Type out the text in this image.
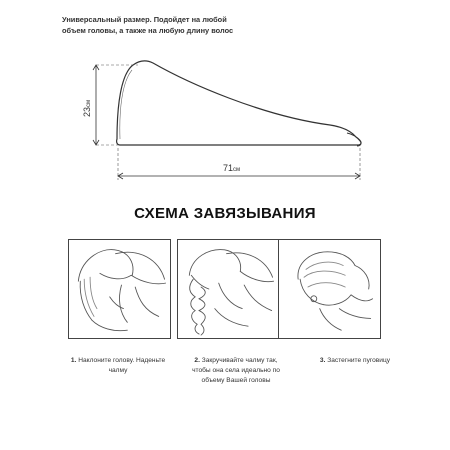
Универсальный размер. Подойдет на любой
объем головы, а также на любую длину волос
23см
71см
СХЕМА ЗАВЯЗЫВАНИЯ
1. Наклоните голову. Наденьте
чалму
2. Закручивайте чалму так,
чтобы она села идеально по
объему Вашей головы
3. Застегните пуговицу
